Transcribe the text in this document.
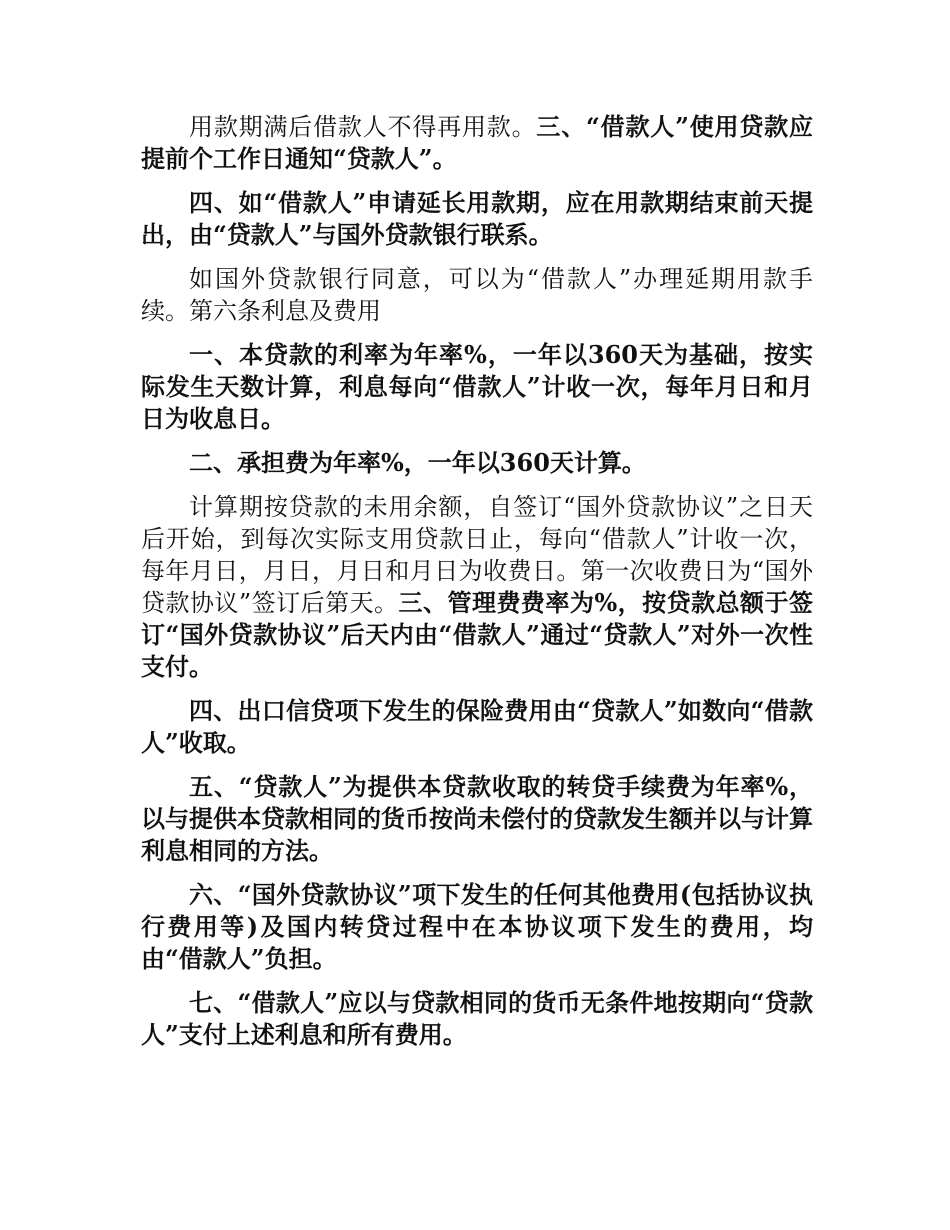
用款期满后借款人不得再用款。三、“借款人”使用贷款应提前个工作日通知“贷款人”。

四、如“借款人”申请延长用款期，应在用款期结束前天提出，由“贷款人”与国外贷款银行联系。

如国外贷款银行同意，可以为“借款人”办理延期用款手续。第六条利息及费用

一、本贷款的利率为年率%，一年以360天为基础，按实际发生天数计算，利息每向“借款人”计收一次，每年月日和月日为收息日。

二、承担费为年率%，一年以360天计算。

计算期按贷款的未用余额，自签订“国外贷款协议”之日天后开始，到每次实际支用贷款日止，每向“借款人”计收一次，每年月日，月日，月日和月日为收费日。第一次收费日为“国外贷款协议”签订后第天。三、管理费费率为%，按贷款总额于签订“国外贷款协议”后天内由“借款人”通过“贷款人”对外一次性支付。

四、出口信贷项下发生的保险费用由“贷款人”如数向“借款人”收取。

五、“贷款人”为提供本贷款收取的转贷手续费为年率%，以与提供本贷款相同的货币按尚未偿付的贷款发生额并以与计算利息相同的方法。

六、“国外贷款协议”项下发生的任何其他费用(包括协议执行费用等)及国内转贷过程中在本协议项下发生的费用，均由“借款人”负担。

七、“借款人”应以与贷款相同的货币无条件地按期向“贷款人”支付上述利息和所有费用。
